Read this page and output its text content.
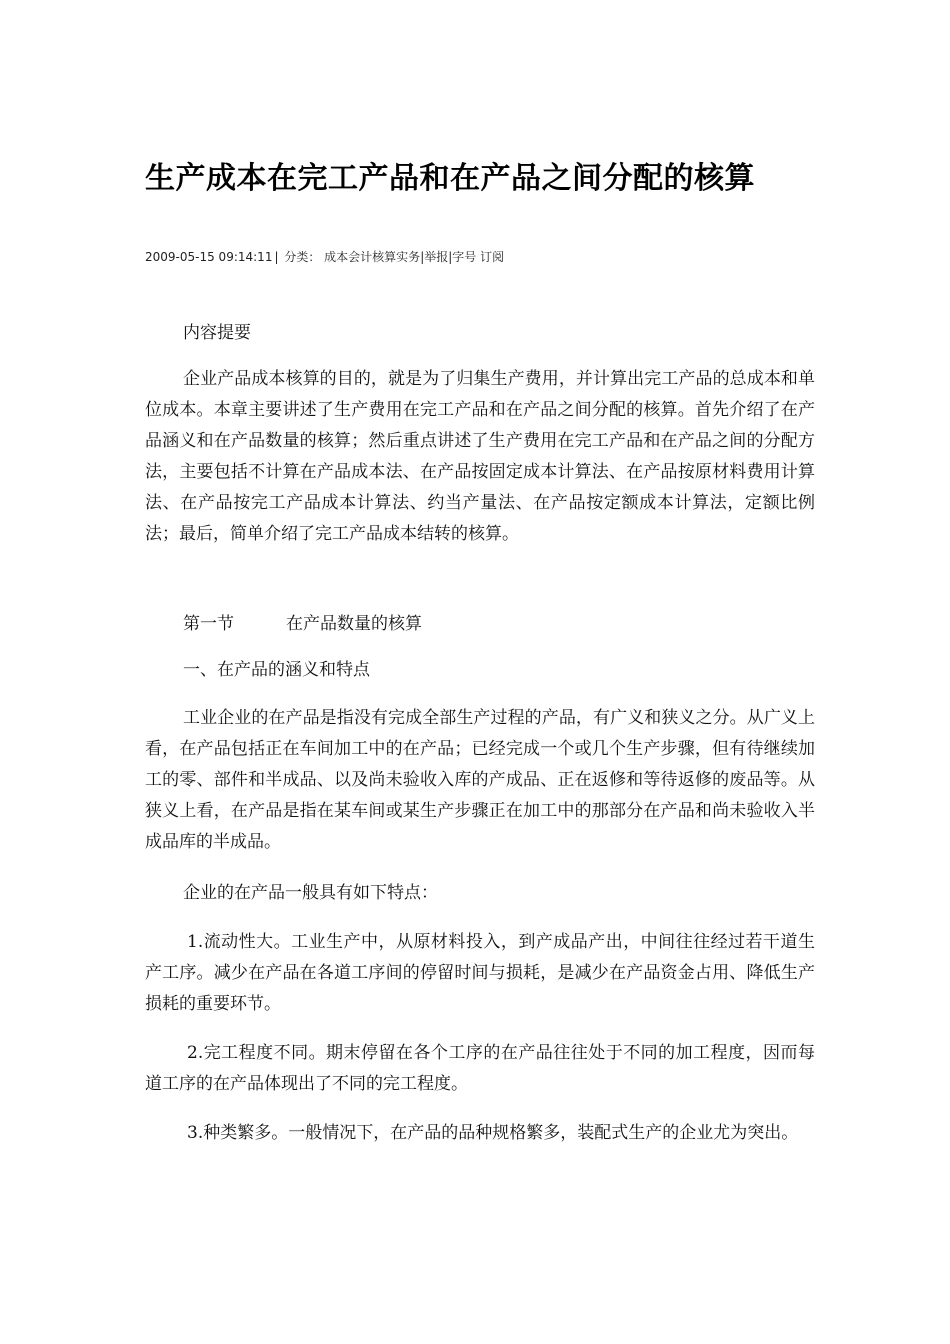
生产成本在完工产品和在产品之间分配的核算
2009-05-15 09:14:11 | 分类： 成本会计核算实务|举报|字号 订阅

内容提要

企业产品成本核算的目的，就是为了归集生产费用，并计算出完工产品的总成本和单位成本。本章主要讲述了生产费用在完工产品和在产品之间分配的核算。首先介绍了在产品涵义和在产品数量的核算；然后重点讲述了生产费用在完工产品和在产品之间的分配方法，主要包括不计算在产品成本法、在产品按固定成本计算法、在产品按原材料费用计算法、在产品按完工产品成本计算法、约当产量法、在产品按定额成本计算法，定额比例法；最后，简单介绍了完工产品成本结转的核算。

第一节	在产品数量的核算

一、在产品的涵义和特点

工业企业的在产品是指没有完成全部生产过程的产品，有广义和狭义之分。从广义上看，在产品包括正在车间加工中的在产品；已经完成一个或几个生产步骤，但有待继续加工的零、部件和半成品、以及尚未验收入库的产成品、正在返修和等待返修的废品等。从狭义上看，在产品是指在某车间或某生产步骤正在加工中的那部分在产品和尚未验收入半成品库的半成品。

企业的在产品一般具有如下特点：

1.流动性大。工业生产中，从原材料投入，到产成品产出，中间往往经过若干道生产工序。减少在产品在各道工序间的停留时间与损耗，是减少在产品资金占用、降低生产损耗的重要环节。

2.完工程度不同。期末停留在各个工序的在产品往往处于不同的加工程度，因而每道工序的在产品体现出了不同的完工程度。

3.种类繁多。一般情况下，在产品的品种规格繁多，装配式生产的企业尤为突出。
